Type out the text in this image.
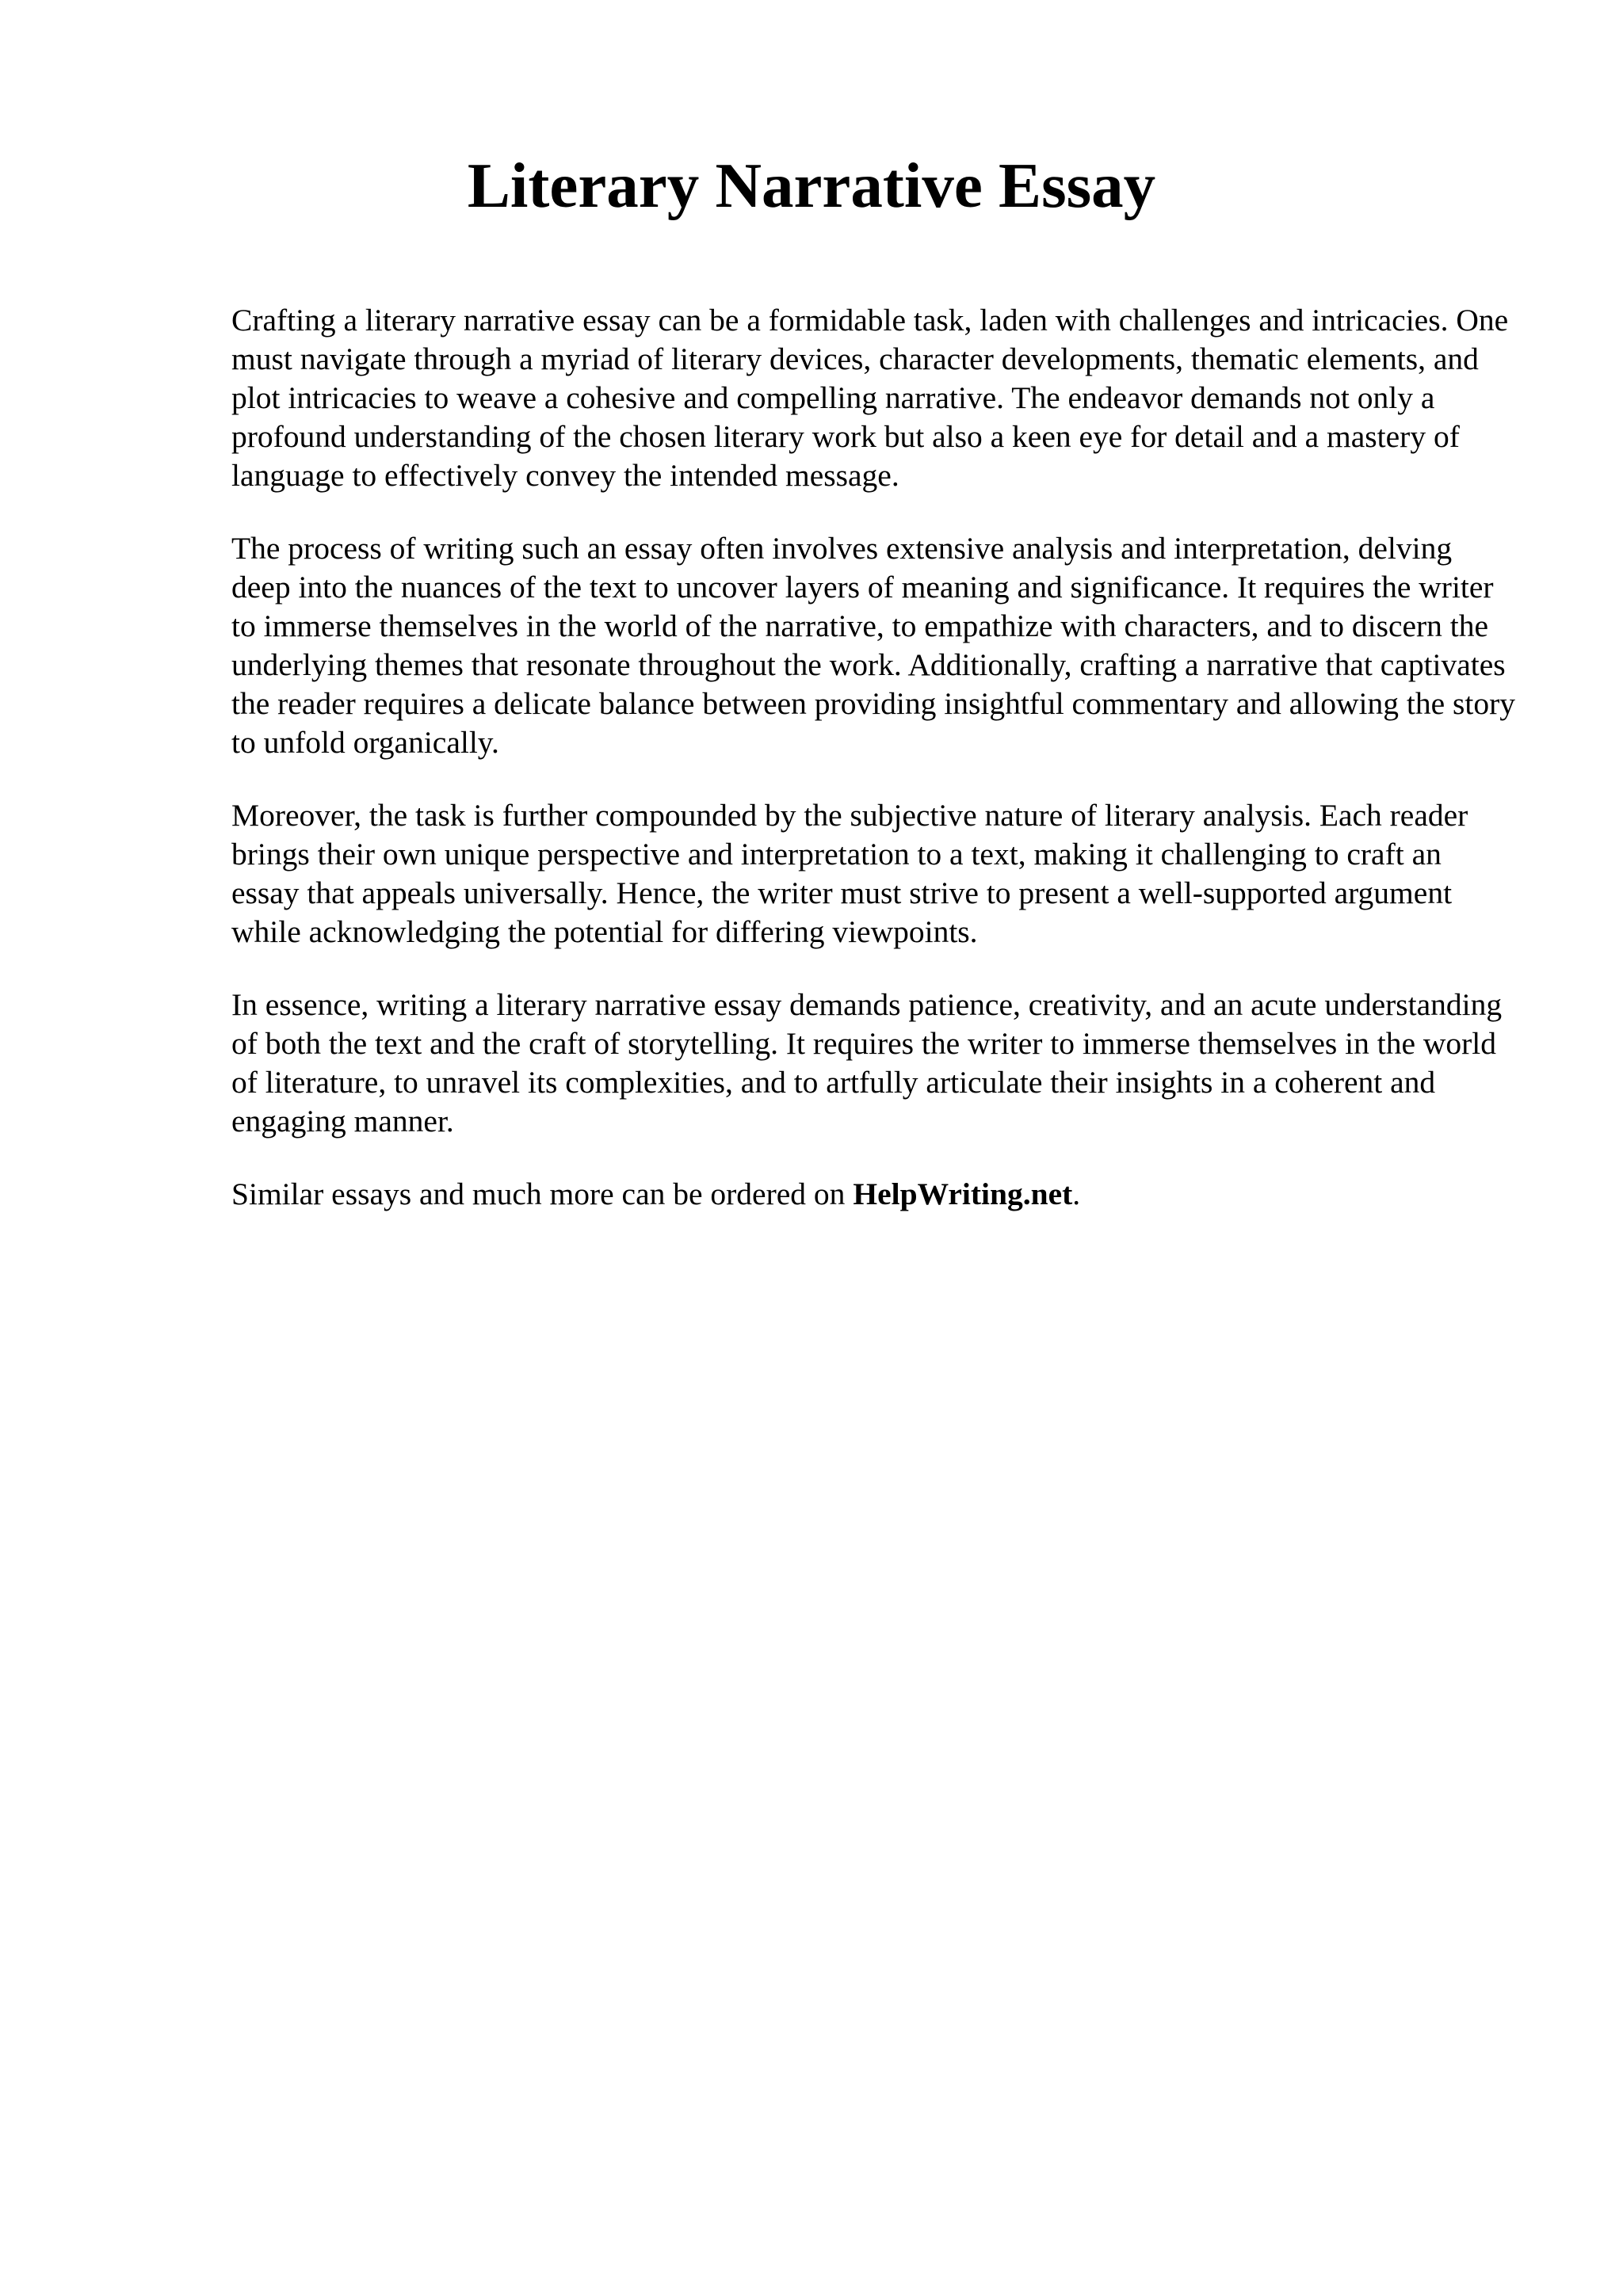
Literary Narrative Essay

Crafting a literary narrative essay can be a formidable task, laden with challenges and intricacies. One must navigate through a myriad of literary devices, character developments, thematic elements, and plot intricacies to weave a cohesive and compelling narrative. The endeavor demands not only a profound understanding of the chosen literary work but also a keen eye for detail and a mastery of language to effectively convey the intended message.

The process of writing such an essay often involves extensive analysis and interpretation, delving deep into the nuances of the text to uncover layers of meaning and significance. It requires the writer to immerse themselves in the world of the narrative, to empathize with characters, and to discern the underlying themes that resonate throughout the work. Additionally, crafting a narrative that captivates the reader requires a delicate balance between providing insightful commentary and allowing the story to unfold organically.

Moreover, the task is further compounded by the subjective nature of literary analysis. Each reader brings their own unique perspective and interpretation to a text, making it challenging to craft an essay that appeals universally. Hence, the writer must strive to present a well-supported argument while acknowledging the potential for differing viewpoints.

In essence, writing a literary narrative essay demands patience, creativity, and an acute understanding of both the text and the craft of storytelling. It requires the writer to immerse themselves in the world of literature, to unravel its complexities, and to artfully articulate their insights in a coherent and engaging manner.

Similar essays and much more can be ordered on HelpWriting.net.
